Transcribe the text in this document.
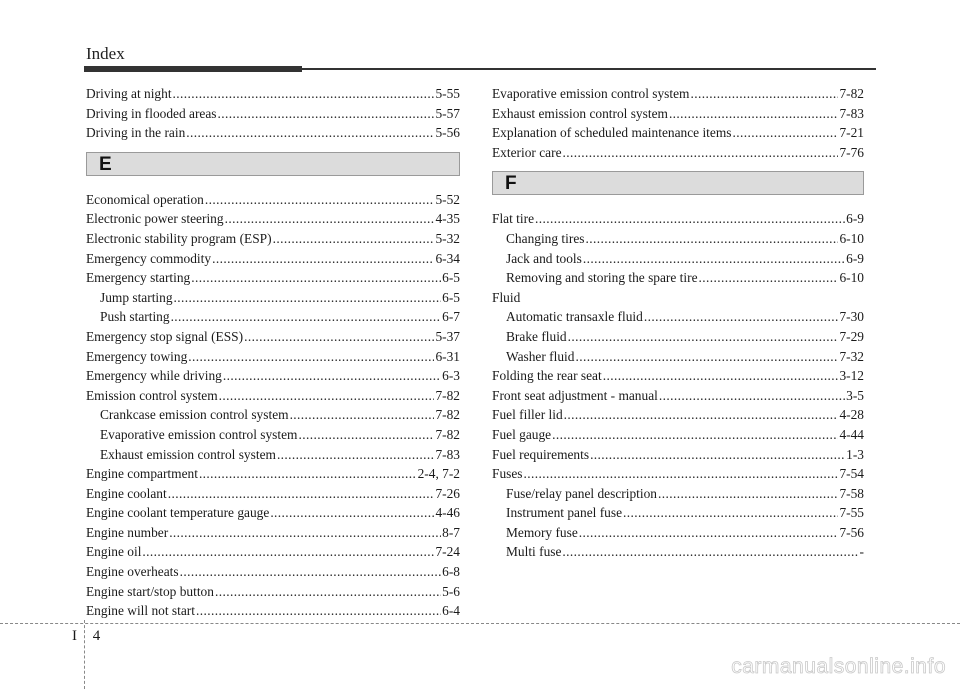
Index
Driving at night .....	5-55
Driving in flooded areas .....	5-57
Driving in the rain .....	5-56
E
Economical operation .....	5-52
Electronic power steering .....	4-35
Electronic stability program (ESP) .....	5-32
Emergency commodity .....	6-34
Emergency starting .....	6-5
Jump starting .....	6-5
Push starting .....	6-7
Emergency stop signal (ESS) .....	5-37
Emergency towing .....	6-31
Emergency while driving .....	6-3
Emission control system .....	7-82
Crankcase emission control system .....	7-82
Evaporative emission control system .....	7-82
Exhaust emission control system .....	7-83
Engine compartment .....	2-4, 7-2
Engine coolant .....	7-26
Engine coolant temperature gauge .....	4-46
Engine number .....	8-7
Engine oil .....	7-24
Engine overheats .....	6-8
Engine start/stop button .....	5-6
Engine will not start .....	6-4
Evaporative emission control system .....	7-82
Exhaust emission control system .....	7-83
Explanation of scheduled maintenance items .....	7-21
Exterior care .....	7-76
F
Flat tire .....	6-9
Changing tires .....	6-10
Jack and tools .....	6-9
Removing and storing the spare tire .....	6-10
Fluid
Automatic transaxle fluid .....	7-30
Brake fluid .....	7-29
Washer fluid .....	7-32
Folding the rear seat .....	3-12
Front seat adjustment - manual .....	3-5
Fuel filler lid .....	4-28
Fuel gauge .....	4-44
Fuel requirements .....	1-3
Fuses .....	7-54
Fuse/relay panel description .....	7-58
Instrument panel fuse .....	7-55
Memory fuse .....	7-56
Multi fuse .....	-
I 4
carmanualsonline.info
